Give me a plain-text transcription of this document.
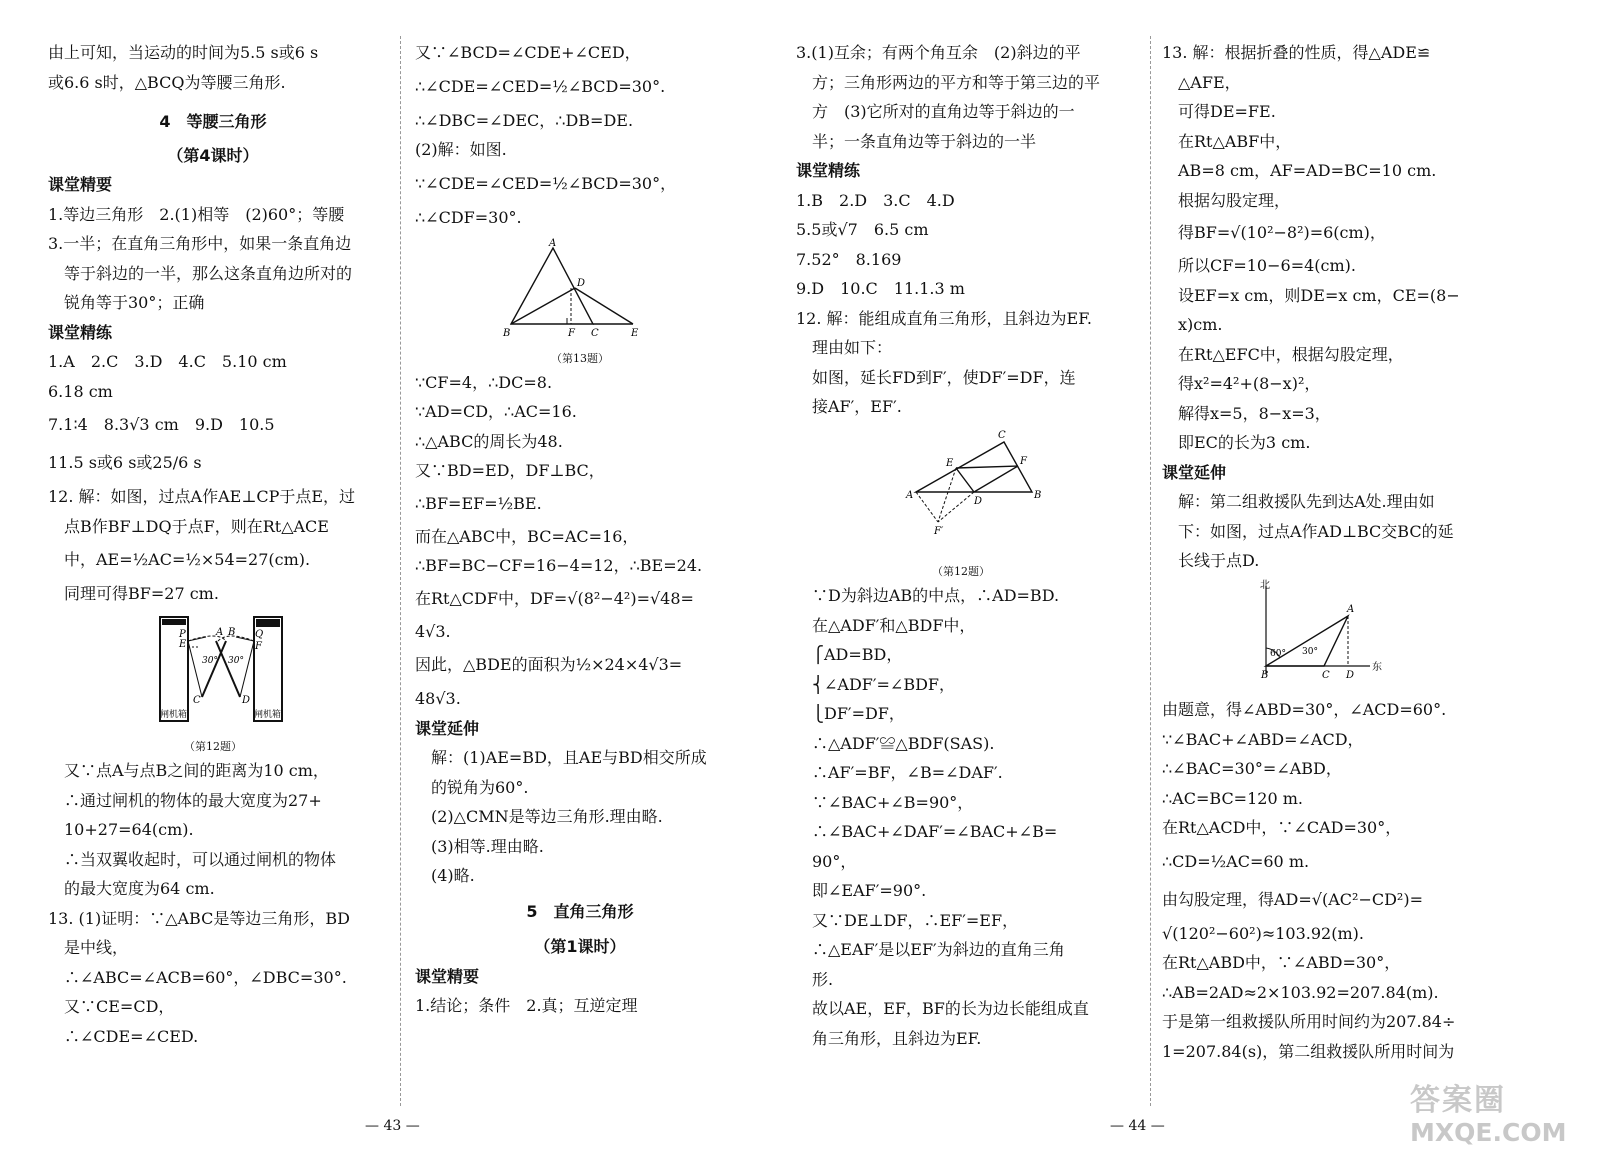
由上可知，当运动的时间为5.5 s或6 s
或6.6 s时，△BCQ为等腰三角形.
4　等腰三角形
（第4课时）
课堂精要
1.等边三角形　2.(1)相等　(2)60°；等腰
3.一半；在直角三角形中，如果一条直角边
　等于斜边的一半，那么这条直角边所对的
　锐角等于30°；正确
课堂精练
1.A　2.C　3.D　4.C　5.10 cm
6.18 cm
7.1∶4　8.3√3 cm　9.D　10.5
11.5 s或6 s或25/6 s
12. 解：如图，过点A作AE⊥CP于点E，过
　点B作BF⊥DQ于点F，则在Rt△ACE
　中，AE=½AC=½×54=27(cm).
　同理可得BF=27 cm.
P
E
A B Q
F
30° 30°
C	D
闸机箱	闸机箱
（第12题）
　又∵点A与点B之间的距离为10 cm，
　∴通过闸机的物体的最大宽度为27+
　10+27=64(cm).
　∴当双翼收起时，可以通过闸机的物体
　的最大宽度为64 cm.
13. (1)证明：∵△ABC是等边三角形，BD
　是中线，
　∴∠ABC=∠ACB=60°，∠DBC=30°.
　又∵CE=CD，
　∴∠CDE=∠CED.
又∵∠BCD=∠CDE+∠CED，
∴∠CDE=∠CED=½∠BCD=30°.
∴∠DBC=∠DEC，∴DB=DE.
(2)解：如图.
∵∠CDE=∠CED=½∠BCD=30°，
∴∠CDF=30°.
A
D
B	F C	E
（第13题）
∵CF=4，∴DC=8.
∵AD=CD，∴AC=16.
∴△ABC的周长为48.
又∵BD=ED，DF⊥BC，
∴BF=EF=½BE.
而在△ABC中，BC=AC=16，
∴BF=BC−CF=16−4=12，∴BE=24.
在Rt△CDF中，DF=√(8²−4²)=√48=
4√3.
因此，△BDE的面积为½×24×4√3=
48√3.
课堂延伸
　解：(1)AE=BD，且AE与BD相交所成
　的锐角为60°.
　(2)△CMN是等边三角形.理由略.
　(3)相等.理由略.
　(4)略.
5　直角三角形
（第1课时）
课堂精要
1.结论；条件　2.真；互逆定理
— 43 —
3.(1)互余；有两个角互余　(2)斜边的平
　方；三角形两边的平方和等于第三边的平
　方　(3)它所对的直角边等于斜边的一
　半；一条直角边等于斜边的一半
课堂精练
1.B　2.D　3.C　4.D
5.5或√7　6.5 cm
7.52°　8.169
9.D　10.C　11.1.3 m
12. 解：能组成直角三角形，且斜边为EF.
　理由如下：
　如图，延长FD到F′，使DF′=DF，连
　接AF′，EF′.
C
E	F
A
D
B
F′
（第12题）
　∵D为斜边AB的中点，∴AD=BD.
　在△ADF′和△BDF中，
　⎧AD=BD，
　⎨∠ADF′=∠BDF，
　⎩DF′=DF，
　∴△ADF′≌△BDF(SAS).
　∴AF′=BF，∠B=∠DAF′.
　∵∠BAC+∠B=90°，
　∴∠BAC+∠DAF′=∠BAC+∠B=
　90°，
　即∠EAF′=90°.
　又∵DE⊥DF，∴EF′=EF，
　∴△EAF′是以EF′为斜边的直角三角
　形.
　故以AE，EF，BF的长为边长能组成直
　角三角形，且斜边为EF.
13. 解：根据折叠的性质，得△ADE≌
　△AFE，
　可得DE=FE.
　在Rt△ABF中，
　AB=8 cm，AF=AD=BC=10 cm.
　根据勾股定理，
　得BF=√(10²−8²)=6(cm)，
　所以CF=10−6=4(cm).
　设EF=x cm，则DE=x cm，CE=(8−
　x)cm.
　在Rt△EFC中，根据勾股定理，
　得x²=4²+(8−x)²，
　解得x=5，8−x=3，
　即EC的长为3 cm.
课堂延伸
　解：第二组救援队先到达A处.理由如
　下：如图，过点A作AD⊥BC交BC的延
　长线于点D.
北
A
60° 30°
B	C D
东
由题意，得∠ABD=30°，∠ACD=60°.
∵∠BAC+∠ABD=∠ACD，
∴∠BAC=30°=∠ABD，
∴AC=BC=120 m.
在Rt△ACD中，∵∠CAD=30°，
∴CD=½AC=60 m.
由勾股定理，得AD=√(AC²−CD²)=
√(120²−60²)≈103.92(m).
在Rt△ABD中，∵∠ABD=30°，
∴AB=2AD≈2×103.92=207.84(m).
于是第一组救援队所用时间约为207.84÷
1=207.84(s)，第二组救援队所用时间为
— 44 —
答案圈
MXQE.COM
